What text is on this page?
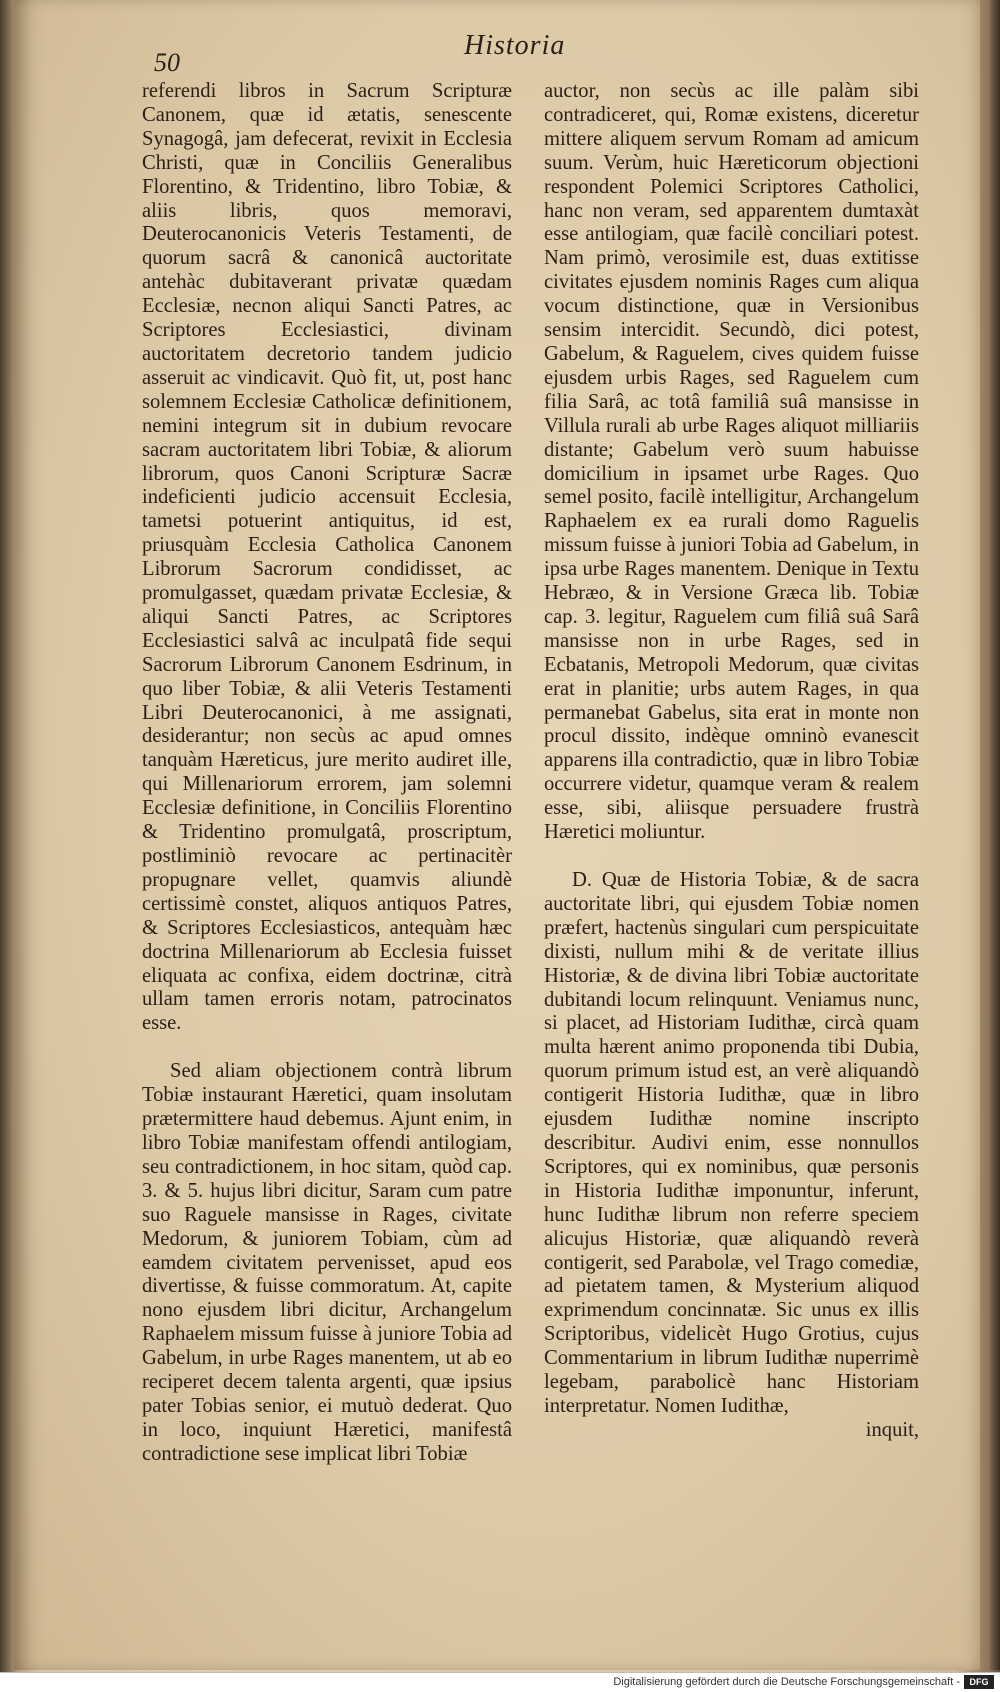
50
Historia

referendi libros in Sacrum Scripturæ Canonem, quæ id ætatis, senescente Synagogâ, jam defecerat, revixit in Ecclesia Christi, quæ in Conciliis Generalibus Florentino, & Tridentino, libro Tobiæ, & aliis libris, quos memoravi, Deuterocanonicis Veteris Testamenti, de quorum sacrâ & canonicâ auctoritate antehàc dubitaverant privatæ quædam Ecclesiæ, necnon aliqui Sancti Patres, ac Scriptores Ecclesiastici, divinam auctoritatem decretorio tandem judicio asseruit ac vindicavit. Quò fit, ut, post hanc solemnem Ecclesiæ Catholicæ definitionem, nemini integrum sit in dubium revocare sacram auctoritatem libri Tobiæ, & aliorum librorum, quos Canoni Scripturæ Sacræ indeficienti judicio accensuit Ecclesia, tametsi potuerint antiquitus, id est, priusquàm Ecclesia Catholica Canonem Librorum Sacrorum condidisset, ac promulgasset, quædam privatæ Ecclesiæ, & aliqui Sancti Patres, ac Scriptores Ecclesiastici salvâ ac inculpatâ fide sequi Sacrorum Librorum Canonem Esdrinum, in quo liber Tobiæ, & alii Veteris Testamenti Libri Deuterocanonici, à me assignati, desiderantur; non secùs ac apud omnes tanquàm Hæreticus, jure merito audiret ille, qui Millenariorum errorem, jam solemni Ecclesiæ definitione, in Conciliis Florentino & Tridentino promulgatâ, proscriptum, postliminiò revocare ac pertinacitèr propugnare vellet, quamvis aliundè certissimè constet, aliquos antiquos Patres, & Scriptores Ecclesiasticos, antequàm hæc doctrina Millenariorum ab Ecclesia fuisset eliquata ac confixa, eidem doctrinæ, citrà ullam tamen erroris notam, patrocinatos esse.

Sed aliam objectionem contrà librum Tobiæ instaurant Hæretici, quam insolutam prætermittere haud debemus. Ajunt enim, in libro Tobiæ manifestam offendi antilogiam, seu contradictionem, in hoc sitam, quòd cap. 3. & 5. hujus libri dicitur, Saram cum patre suo Raguele mansisse in Rages, civitate Medorum, & juniorem Tobiam, cùm ad eamdem civitatem pervenisset, apud eos divertisse, & fuisse commoratum. At, capite nono ejusdem libri dicitur, Archangelum Raphaelem missum fuisse à juniore Tobia ad Gabelum, in urbe Rages manentem, ut ab eo reciperet decem talenta argenti, quæ ipsius pater Tobias senior, ei mutuò dederat. Quo in loco, inquiunt Hæretici, manifestâ contradictione sese implicat libri Tobiæ

auctor, non secùs ac ille palàm sibi contradiceret, qui, Romæ existens, diceretur mittere aliquem servum Romam ad amicum suum. Verùm, huic Hæreticorum objectioni respondent Polemici Scriptores Catholici, hanc non veram, sed apparentem dumtaxàt esse antilogiam, quæ facilè conciliari potest. Nam primò, verosimile est, duas extitisse civitates ejusdem nominis Rages cum aliqua vocum distinctione, quæ in Versionibus sensim intercidit. Secundò, dici potest, Gabelum, & Raguelem, cives quidem fuisse ejusdem urbis Rages, sed Raguelem cum filia Sarâ, ac totâ familiâ suâ mansisse in Villula rurali ab urbe Rages aliquot milliariis distante; Gabelum verò suum habuisse domicilium in ipsamet urbe Rages. Quo semel posito, facilè intelligitur, Archangelum Raphaelem ex ea rurali domo Raguelis missum fuisse à juniori Tobia ad Gabelum, in ipsa urbe Rages manentem. Denique in Textu Hebræo, & in Versione Græca lib. Tobiæ cap. 3. legitur, Raguelem cum filiâ suâ Sarâ mansisse non in urbe Rages, sed in Ecbatanis, Metropoli Medorum, quæ civitas erat in planitie; urbs autem Rages, in qua permanebat Gabelus, sita erat in monte non procul dissito, indèque omninò evanescit apparens illa contradictio, quæ in libro Tobiæ occurrere videtur, quamque veram & realem esse, sibi, aliisque persuadere frustrà Hæretici moliuntur.

D. Quæ de Historia Tobiæ, & de sacra auctoritate libri, qui ejusdem Tobiæ nomen præfert, hactenùs singulari cum perspicuitate dixisti, nullum mihi & de veritate illius Historiæ, & de divina libri Tobiæ auctoritate dubitandi locum relinquunt. Veniamus nunc, si placet, ad Historiam Iudithæ, circà quam multa hærent animo proponenda tibi Dubia, quorum primum istud est, an verè aliquandò contigerit Historia Iudithæ, quæ in libro ejusdem Iudithæ nomine inscripto describitur. Audivi enim, esse nonnullos Scriptores, qui ex nominibus, quæ personis in Historia Iudithæ imponuntur, inferunt, hunc Iudithæ librum non referre speciem alicujus Historiæ, quæ aliquandò reverà contigerit, sed Parabolæ, vel Trago comediæ, ad pietatem tamen, & Mysterium aliquod exprimendum concinnatæ. Sic unus ex illis Scriptoribus, videlicèt Hugo Grotius, cujus Commentarium in librum Iudithæ nuperrimè legebam, parabolicè hanc Historiam interpretatur. Nomen Iudithæ,

inquit,

Digitalisierung gefördert durch die Deutsche Forschungsgemeinschaft -	DFG
